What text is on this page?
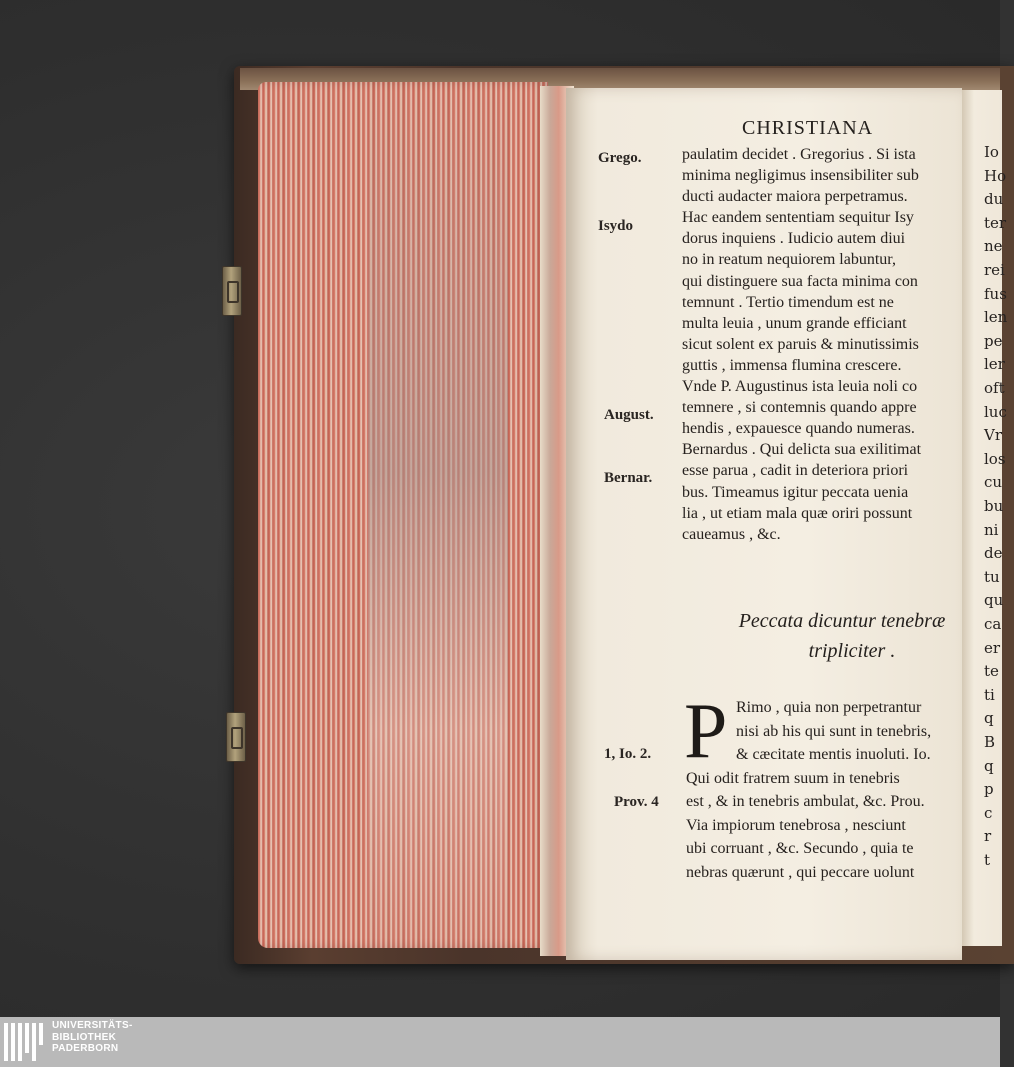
Io
Ho
du
ter
ne
rei
fus
len
pe
ler
oft
luc
Vr
los
cu
bu
ni
de
tu
qu
ca
er
te
ti
q
B
q
p
c
r
t
CHRISTIANA
Grego.
Isydo
August.
Bernar.
1, Io. 2.
Prov. 4
paulatim decidet . Gregorius . Si ista
minima negligimus insensibiliter sub
ducti audacter maiora perpetramus.
Hac eandem sententiam sequitur Isy
dorus inquiens . Iudicio autem diui
no in reatum nequiorem labuntur,
qui distinguere sua facta minima con
temnunt . Tertio timendum est ne
multa leuia , unum grande efficiant
sicut solent ex paruis & minutissimis
guttis , immensa flumina crescere.
Vnde P. Augustinus ista leuia noli co
temnere , si contemnis quando appre
hendis , expauesce quando numeras.
Bernardus . Qui delicta sua exilitimat
esse parua , cadit in deteriora priori
bus. Timeamus igitur peccata uenia
lia , ut etiam mala quæ oriri possunt
caueamus , &c.
Peccata dicuntur tenebræ
tripliciter .
P Rimo , quia non perpetrantur
nisi ab his qui sunt in tenebris,
& cæcitate mentis inuoluti. Io.
Qui odit fratrem suum in tenebris
est , & in tenebris ambulat, &c. Prou.
Via impiorum tenebrosa , nesciunt
ubi corruant , &c. Secundo , quia te
nebras quærunt , qui peccare uolunt
UNIVERSITÄTS-
BIBLIOTHEK
PADERBORN
